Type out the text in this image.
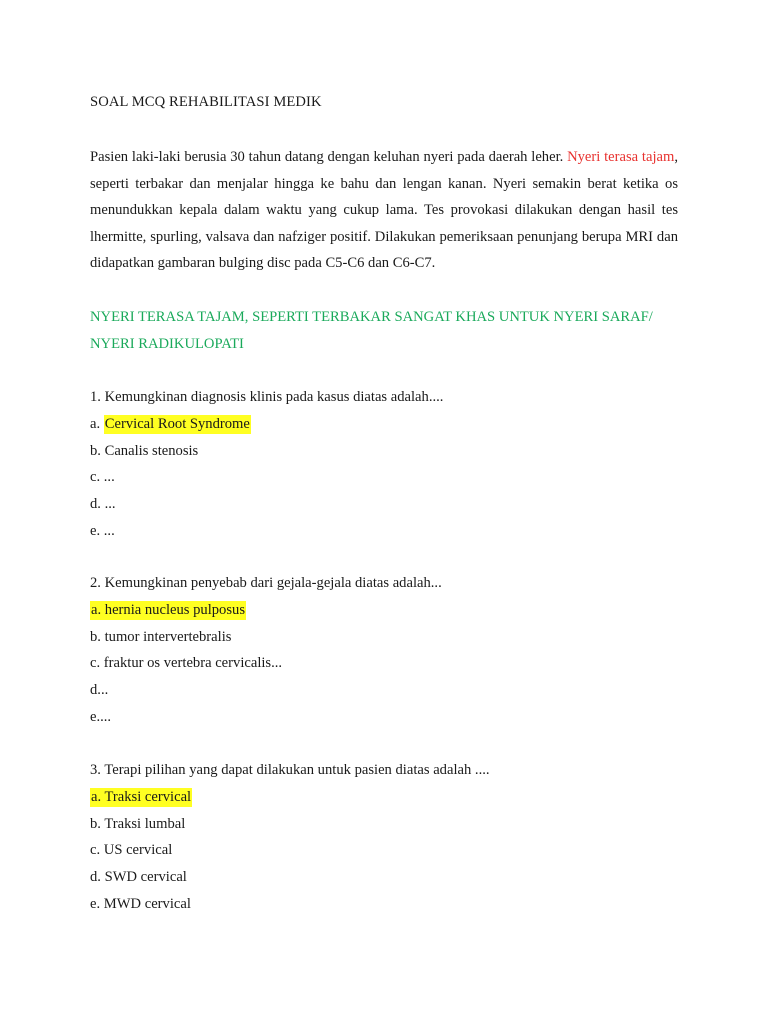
SOAL MCQ REHABILITASI MEDIK

Pasien laki-laki berusia 30 tahun datang dengan keluhan nyeri pada daerah leher. Nyeri terasa tajam, seperti terbakar dan menjalar hingga ke bahu dan lengan kanan. Nyeri semakin berat ketika os menundukkan kepala dalam waktu yang cukup lama. Tes provokasi dilakukan dengan hasil tes lhermitte, spurling, valsava dan nafziger positif. Dilakukan pemeriksaan penunjang berupa MRI dan didapatkan gambaran bulging disc pada C5-C6 dan C6-C7.

NYERI TERASA TAJAM, SEPERTI TERBAKAR SANGAT KHAS UNTUK NYERI SARAF/ NYERI RADIKULOPATI

1. Kemungkinan diagnosis klinis pada kasus diatas adalah....
a. Cervical Root Syndrome
b. Canalis stenosis
c. ...
d. ...
e. ...
2. Kemungkinan penyebab dari gejala-gejala diatas adalah...
a. hernia nucleus pulposus
b. tumor intervertebralis
c. fraktur os vertebra cervicalis...
d...
e....
3. Terapi pilihan yang dapat dilakukan untuk pasien diatas adalah ....
a. Traksi cervical
b. Traksi lumbal
c. US cervical
d. SWD cervical
e. MWD cervical
